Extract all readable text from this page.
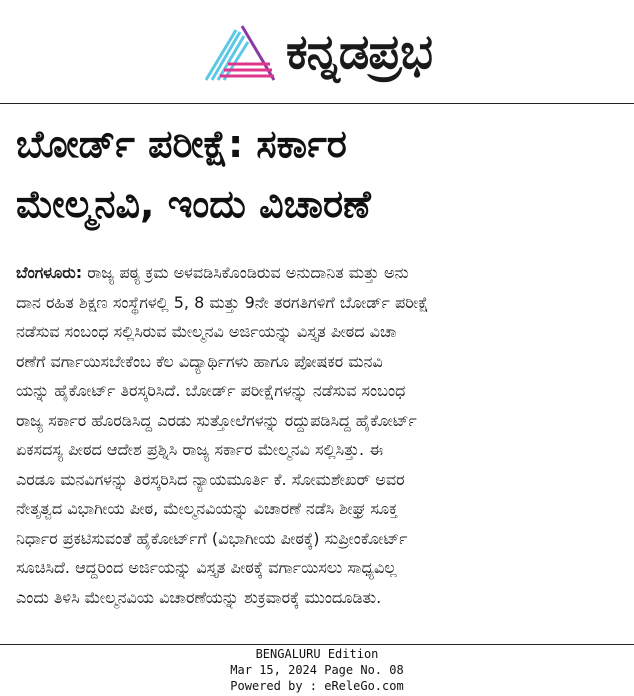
ಕನ್ನಡಪ್ರಭ
ಬೋರ್ಡ್‌ ಪರೀಕ್ಷೆ: ಸರ್ಕಾರ
ಮೇಲ್ಮನವಿ, ಇಂದು ವಿಚಾರಣೆ
ಬೆಂಗಳೂರು: ರಾಜ್ಯ ಪಠ್ಯ ಕ್ರಮ ಅಳವಡಿಸಿಕೊಂಡಿರುವ ಅನುದಾನಿತ ಮತ್ತು ಅನು
ದಾನ ರಹಿತ ಶಿಕ್ಷಣ ಸಂಸ್ಥೆಗಳಲ್ಲಿ 5, 8 ಮತ್ತು 9ನೇ ತರಗತಿಗಳಿಗೆ ಬೋರ್ಡ್‌ ಪರೀಕ್ಷೆ
ನಡೆಸುವ ಸಂಬಂಧ ಸಲ್ಲಿಸಿರುವ ಮೇಲ್ಮನವಿ ಅರ್ಜಿಯನ್ನು ವಿಸ್ತೃತ ಪೀಠದ ವಿಚಾ
ರಣೆಗೆ ವರ್ಗಾಯಿಸಬೇಕೆಂಬ ಕೆಲ ವಿದ್ಯಾರ್ಥಿಗಳು ಹಾಗೂ ಪೋಷಕರ ಮನವಿ
ಯನ್ನು ಹೈಕೋರ್ಟ್‌ ತಿರಸ್ಕರಿಸಿದೆ. ಬೋರ್ಡ್‌ ಪರೀಕ್ಷೆಗಳನ್ನು ನಡೆಸುವ ಸಂಬಂಧ
ರಾಜ್ಯ ಸರ್ಕಾರ ಹೊರಡಿಸಿದ್ದ ಎರಡು ಸುತ್ತೋಲೆಗಳನ್ನು ರದ್ದುಪಡಿಸಿದ್ದ ಹೈಕೋರ್ಟ್‌
ಏಕಸದಸ್ಯ ಪೀಠದ ಆದೇಶ ಪ್ರಶ್ನಿಸಿ ರಾಜ್ಯ ಸರ್ಕಾರ ಮೇಲ್ಮನವಿ ಸಲ್ಲಿಸಿತ್ತು. ಈ
ಎರಡೂ ಮನವಿಗಳನ್ನು ತಿರಸ್ಕರಿಸಿದ ನ್ಯಾಯಮೂರ್ತಿ ಕೆ. ಸೋಮಶೇಖರ್‌ ಅವರ
ನೇತೃತ್ವದ ವಿಭಾಗೀಯ ಪೀಠ, ಮೇಲ್ಮನವಿಯನ್ನು ವಿಚಾರಣೆ ನಡೆಸಿ ಶೀಘ್ರ ಸೂಕ್ತ
ನಿರ್ಧಾರ ಪ್ರಕಟಿಸುವಂತೆ ಹೈಕೋರ್ಟ್‌ಗೆ (ವಿಭಾಗೀಯ ಪೀಠಕ್ಕೆ) ಸುಪ್ರೀಂಕೋರ್ಟ್‌
ಸೂಚಿಸಿದೆ. ಆದ್ದರಿಂದ ಅರ್ಜಿಯನ್ನು ವಿಸ್ತೃತ ಪೀಠಕ್ಕೆ ವರ್ಗಾಯಿಸಲು ಸಾಧ್ಯವಿಲ್ಲ
ಎಂದು ತಿಳಿಸಿ ಮೇಲ್ಮನವಿಯ ವಿಚಾರಣೆಯನ್ನು ಶುಕ್ರವಾರಕ್ಕೆ ಮುಂದೂಡಿತು.
BENGALURU Edition
Mar 15, 2024 Page No. 08
Powered by : eReleGo.com
